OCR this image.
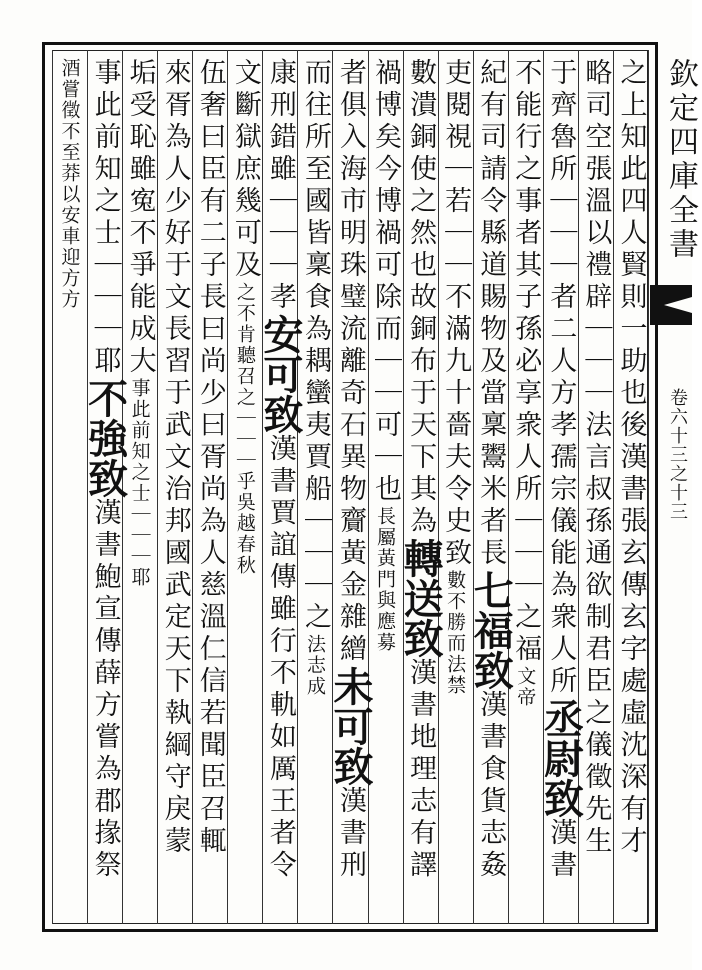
之上知此四人賢則一助也後漢書張玄傳玄字處虛沈深有才
略司空張溫以禮辟｜｜｜法言叔孫通欲制君臣之儀徵先生
于齊魯所｜｜｜者二人方孝孺宗儀能為衆人所
丞尉致
漢書
不能行之事者其子孫必享衆人所｜｜｜之福
文帝
紀有司請令縣道賜物及當稟鬻米者長
七福致
漢書食貨志姦
吏閱視｜若｜｜不滿九十嗇夫令史致
數不勝而法禁
數潰銅使之然也故銅布于天下其為
轉送致
漢書地理志有譯
禍博矣今博禍可除而｜｜可｜也
長屬黃門與應募
者俱入海市明珠璧流離奇石異物齎黃金雜繒
未可致
漢書刑
而往所至國皆稟食為耦蠻夷賈船｜｜｜之
法志成
康刑錯雖｜｜｜孝
安可致
漢書賈誼傳雖行不軌如厲王者令
文斷獄庶幾可及
之不肯聽召之｜｜｜乎吳越春秋
伍奢曰臣有二子長曰尚少曰胥尚為人慈溫仁信若聞臣召輒
來胥為人少好于文長習于武文治邦國武定天下執綱守戾蒙
垢受恥雖寃不爭能成大
事此前知之士｜｜｜耶
事此前知之士｜｜｜耶
不強致
漢書鮑宣傳薛方嘗為郡掾祭
酒嘗徵不至莽以安車迎方方	欽定四庫全書
卷六十三之十三
